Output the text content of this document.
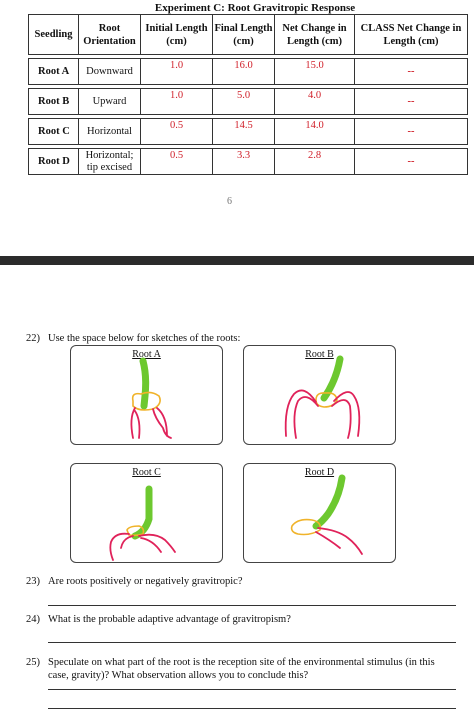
Experiment C: Root Gravitropic Response
Seedling	Root Orientation	Initial Length (cm)	Final Length (cm)	Net Change in Length (cm)	CLASS Net Change in Length (cm)

Root A	Downward	1.0	16.0	15.0	--

Root B	Upward	1.0	5.0	4.0	--

Root C	Horizontal	0.5	14.5	14.0	--

Root D	Horizontal; tip excised	0.5	3.3	2.8	--
6
22) Use the space below for sketches of the roots:
Root A	Root B
Root C	Root D
23) Are roots positively or negatively gravitropic?
24) What is the probable adaptive advantage of gravitropism?
25) Speculate on what part of the root is the reception site of the environmental stimulus (in this case, gravity)? What observation allows you to conclude this?
